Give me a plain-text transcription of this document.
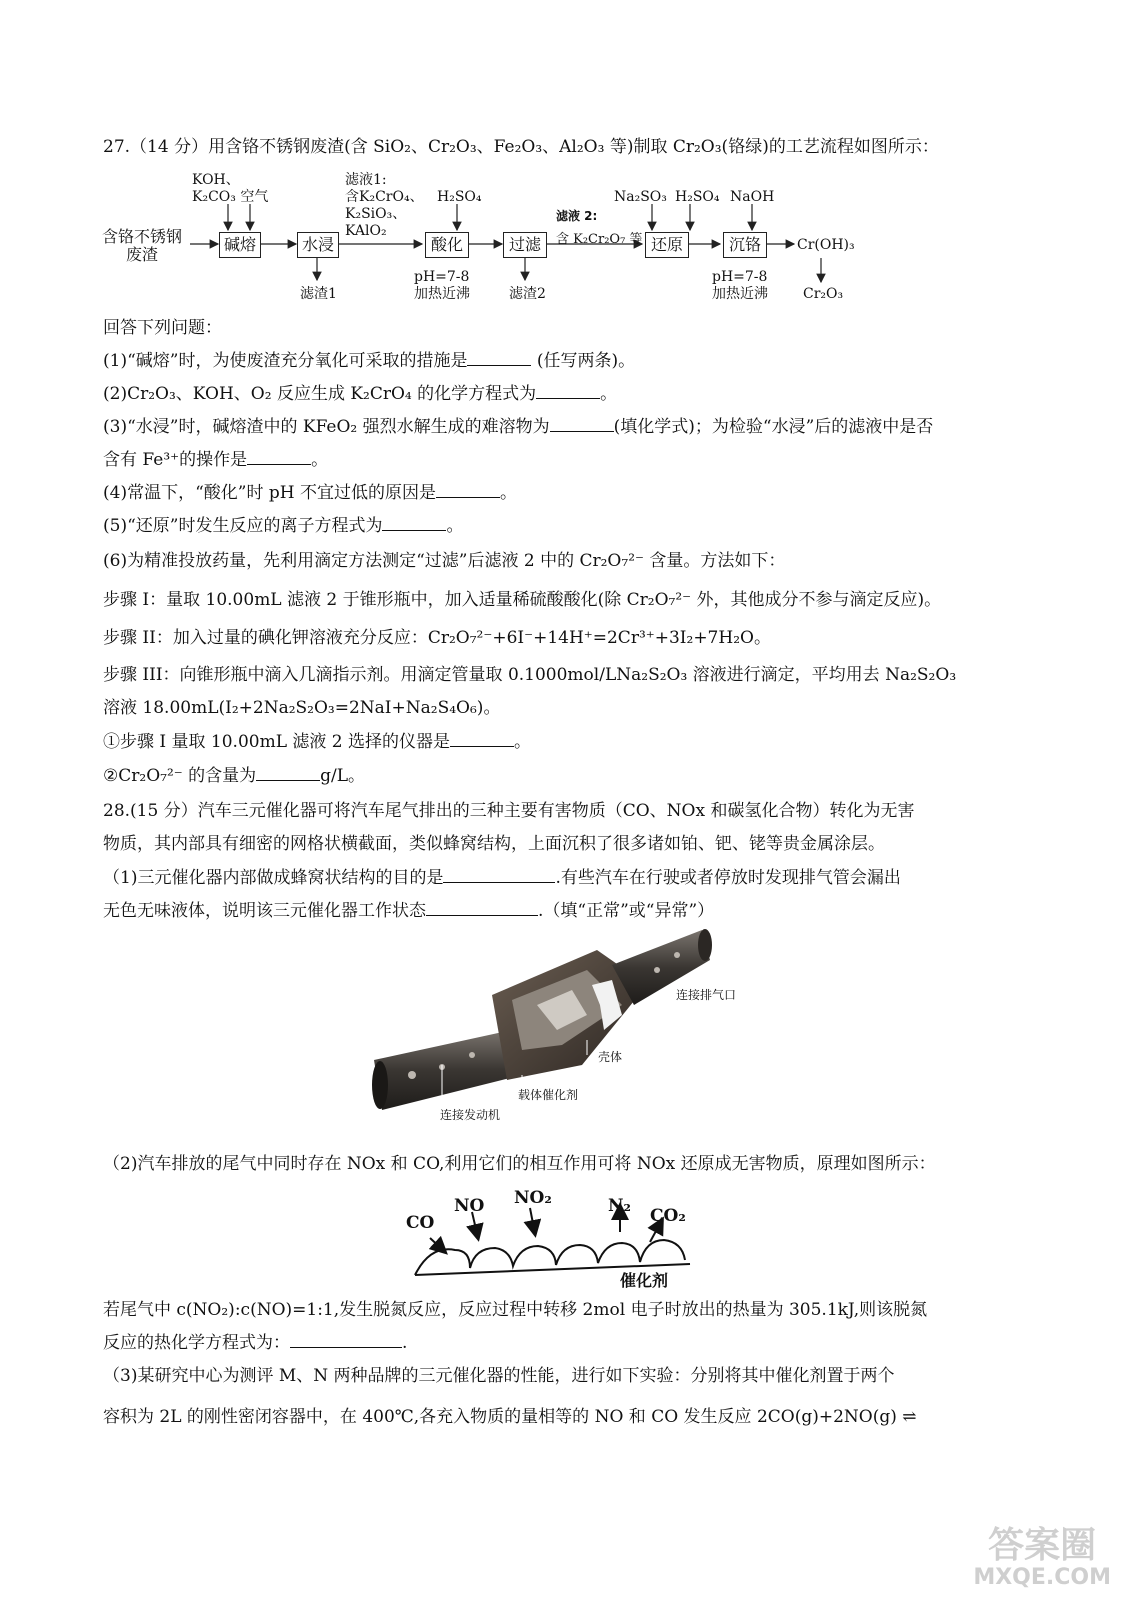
27.（14 分）用含铬不锈钢废渣(含 SiO₂、Cr₂O₃、Fe₂O₃、Al₂O₃ 等)制取 Cr₂O₃(铬绿)的工艺流程如图所示：
含铬不锈钢
废渣
KOH、
K₂CO₃ 空气
碱熔	水浸
滤渣1
滤液1:
含K₂CrO₄、
K₂SiO₃、
KAlO₂
H₂SO₄
酸化
pH=7-8
加热近沸
过滤
滤渣2
滤液 2:
含 K₂Cr₂O₇ 等
Na₂SO₃ H₂SO₄ NaOH
还原	沉铬
pH=7-8
加热近沸
Cr(OH)₃
Cr₂O₃
回答下列问题：
(1)“碱熔”时，为使废渣充分氧化可采取的措施是	(任写两条)。
(2)Cr₂O₃、KOH、O₂ 反应生成 K₂CrO₄ 的化学方程式为	。
(3)“水浸”时，碱熔渣中的 KFeO₂ 强烈水解生成的难溶物为	(填化学式)；为检验“水浸”后的滤液中是否
含有 Fe³⁺的操作是	。
(4)常温下，“酸化”时 pH 不宜过低的原因是	。
(5)“还原”时发生反应的离子方程式为	。
(6)为精准投放药量，先利用滴定方法测定“过滤”后滤液 2 中的 Cr₂O₇²⁻ 含量。方法如下：
步骤 I：量取 10.00mL 滤液 2 于锥形瓶中，加入适量稀硫酸酸化(除 Cr₂O₇²⁻ 外，其他成分不参与滴定反应)。
步骤 II：加入过量的碘化钾溶液充分反应：Cr₂O₇²⁻+6I⁻+14H⁺=2Cr³⁺+3I₂+7H₂O。
步骤 III：向锥形瓶中滴入几滴指示剂。用滴定管量取 0.1000mol/LNa₂S₂O₃ 溶液进行滴定，平均用去 Na₂S₂O₃
溶液 18.00mL(I₂+2Na₂S₂O₃=2NaI+Na₂S₄O₆)。
①步骤 I 量取 10.00mL 滤液 2 选择的仪器是	。
②Cr₂O₇²⁻ 的含量为	g/L。
28.(15 分）汽车三元催化器可将汽车尾气排出的三种主要有害物质（CO、NOx 和碳氢化合物）转化为无害
物质，其内部具有细密的网格状横截面，类似蜂窝结构，上面沉积了很多诸如铂、钯、铑等贵金属涂层。
（1)三元催化器内部做成蜂窝状结构的目的是	.有些汽车在行驶或者停放时发现排气管会漏出
无色无味液体，说明该三元催化器工作状态	.（填“正常”或“异常”）
连接排气口
壳体
载体催化剂
连接发动机
（2)汽车排放的尾气中同时存在 NOx 和 CO,利用它们的相互作用可将 NOx 还原成无害物质，原理如图所示：
CO
NO NO₂	N₂ CO₂
催化剂
若尾气中 c(NO₂):c(NO)=1:1,发生脱氮反应，反应过程中转移 2mol 电子时放出的热量为 305.1kJ,则该脱氮
反应的热化学方程式为：	.
（3)某研究中心为测评 M、N 两种品牌的三元催化器的性能，进行如下实验：分别将其中催化剂置于两个
容积为 2L 的刚性密闭容器中，在 400℃,各充入物质的量相等的 NO 和 CO 发生反应 2CO(g)+2NO(g) ⇌
答案圈
MXQE.COM
